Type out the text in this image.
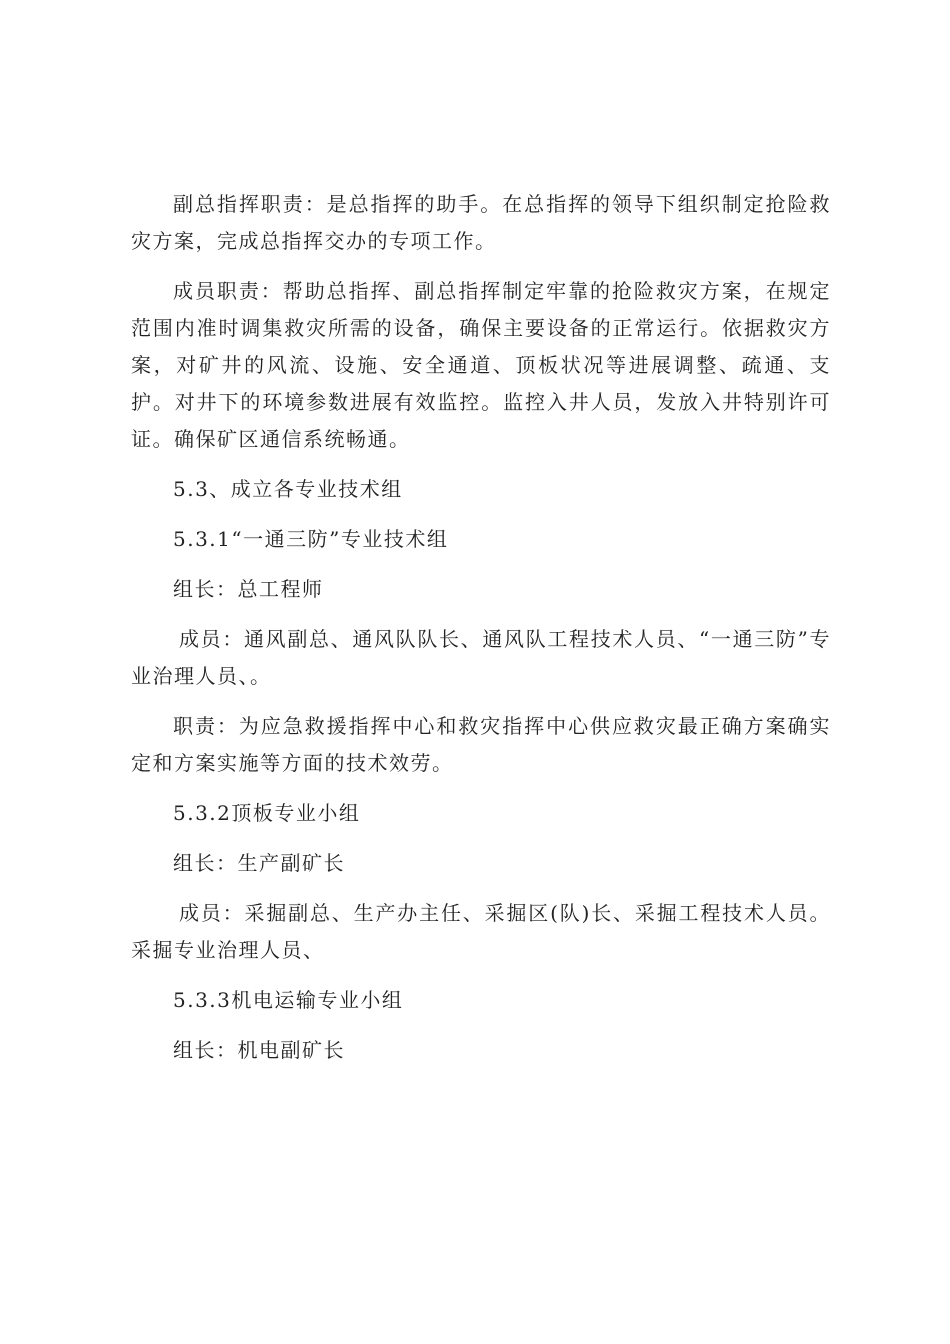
副总指挥职责：是总指挥的助手。在总指挥的领导下组织制定抢险救灾方案，完成总指挥交办的专项工作。

成员职责：帮助总指挥、副总指挥制定牢靠的抢险救灾方案，在规定范围内准时调集救灾所需的设备，确保主要设备的正常运行。依据救灾方案，对矿井的风流、设施、安全通道、顶板状况等进展调整、疏通、支护。对井下的环境参数进展有效监控。监控入井人员，发放入井特别许可证。确保矿区通信系统畅通。

5.3、成立各专业技术组

5.3.1“一通三防”专业技术组

组长：总工程师

成员：通风副总、通风队队长、通风队工程技术人员、“一通三防”专业治理人员、。

职责：为应急救援指挥中心和救灾指挥中心供应救灾最正确方案确实定和方案实施等方面的技术效劳。

5.3.2顶板专业小组

组长：生产副矿长

成员：采掘副总、生产办主任、采掘区(队)长、采掘工程技术人员。采掘专业治理人员、

5.3.3机电运输专业小组

组长：机电副矿长
